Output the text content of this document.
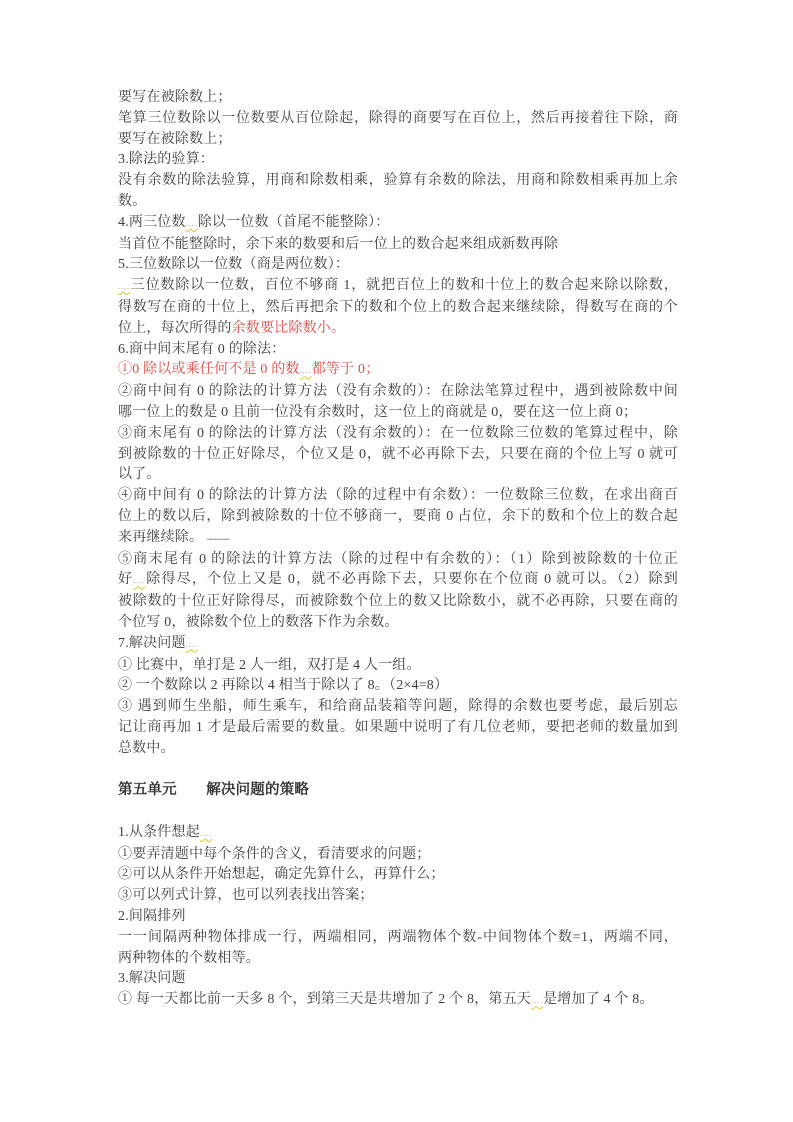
要写在被除数上；
笔算三位数除以一位数要从百位除起，除得的商要写在百位上，然后再接着往下除，商
要写在被除数上；
3.除法的验算：
没有余数的除法验算，用商和除数相乘，验算有余数的除法，用商和除数相乘再加上余
数。
4.两三位数....除以一位数（首尾不能整除）：
当首位不能整除时，余下来的数要和后一位上的数合起来组成新数再除
5.三位数除以一位数（商是两位数）：
....三位数除以一位数，百位不够商 1，就把百位上的数和十位上的数合起来除以除数，
得数写在商的十位上，然后再把余下的数和个位上的数合起来继续除，得数写在商的个
位上，每次所得的余数要比除数小。
6.商中间末尾有 0 的除法：
①0 除以或乘任何不是 0 的数....都等于 0；
②商中间有 0 的除法的计算方法（没有余数的）：在除法笔算过程中，遇到被除数中间
哪一位上的数是 0 且前一位没有余数时，这一位上的商就是 0，要在这一位上商 0；
③商末尾有 0 的除法的计算方法（没有余数的）：在一位数除三位数的笔算过程中，除
到被除数的十位正好除尽，个位又是 0，就不必再除下去，只要在商的个位上写 0 就可
以了。
④商中间有 0 的除法的计算方法（除的过程中有余数）：一位数除三位数，在求出商百
位上的数以后，除到被除数的十位不够商一，要商 0 占位，余下的数和个位上的数合起
来再继续除。 ⋯⋯⋯
⑤商末尾有 0 的除法的计算方法（除的过程中有余数的）：（1）除到被除数的十位正
好....除得尽，个位上又是 0，就不必再除下去，只要你在个位商 0 就可以。（2）除到
被除数的十位正好除得尽，而被除数个位上的数又比除数小，就不必再除，只要在商的
个位写 0，被除数个位上的数落下作为余数。
7.解决问题....
① 比赛中，单打是 2 人一组，双打是 4 人一组。
② 一个数除以 2 再除以 4 相当于除以了 8。（2×4=8）
③ 遇到师生坐船，师生乘车，和给商品装箱等问题，除得的余数也要考虑，最后别忘
记让商再加 1 才是最后需要的数量。如果题中说明了有几位老师，要把老师的数量加到
总数中。
第五单元　　解决问题的策略
1.从条件想起....
①要弄清题中每个条件的含义，看清要求的问题；
②可以从条件开始想起，确定先算什么，再算什么；
③可以列式计算，也可以列表找出答案；
2.间隔排列
一一间隔两种物体排成一行，两端相同，两端物体个数-中间物体个数=1，两端不同，
两种物体的个数相等。
3.解决问题
① 每一天都比前一天多 8 个，到第三天是共增加了 2 个 8，第五天....是增加了 4 个 8。
